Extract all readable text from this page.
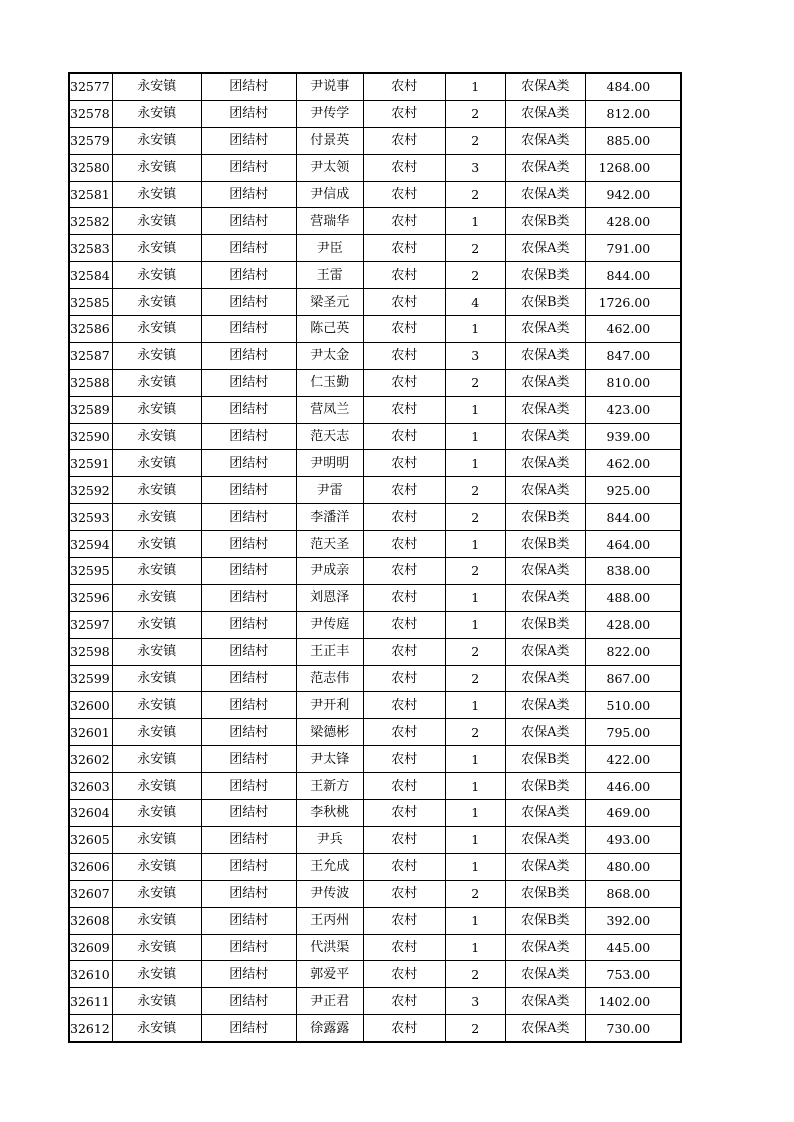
32577	永安镇	团结村	尹说事	农村	1	农保A类	484.00
32578	永安镇	团结村	尹传学	农村	2	农保A类	812.00
32579	永安镇	团结村	付景英	农村	2	农保A类	885.00
32580	永安镇	团结村	尹太领	农村	3	农保A类	1268.00
32581	永安镇	团结村	尹信成	农村	2	农保A类	942.00
32582	永安镇	团结村	营瑞华	农村	1	农保B类	428.00
32583	永安镇	团结村	尹臣	农村	2	农保A类	791.00
32584	永安镇	团结村	王雷	农村	2	农保B类	844.00
32585	永安镇	团结村	梁圣元	农村	4	农保B类	1726.00
32586	永安镇	团结村	陈己英	农村	1	农保A类	462.00
32587	永安镇	团结村	尹太金	农村	3	农保A类	847.00
32588	永安镇	团结村	仁玉勤	农村	2	农保A类	810.00
32589	永安镇	团结村	营凤兰	农村	1	农保A类	423.00
32590	永安镇	团结村	范天志	农村	1	农保A类	939.00
32591	永安镇	团结村	尹明明	农村	1	农保A类	462.00
32592	永安镇	团结村	尹雷	农村	2	农保A类	925.00
32593	永安镇	团结村	李潘洋	农村	2	农保B类	844.00
32594	永安镇	团结村	范天圣	农村	1	农保B类	464.00
32595	永安镇	团结村	尹成亲	农村	2	农保A类	838.00
32596	永安镇	团结村	刘恩泽	农村	1	农保A类	488.00
32597	永安镇	团结村	尹传庭	农村	1	农保B类	428.00
32598	永安镇	团结村	王正丰	农村	2	农保A类	822.00
32599	永安镇	团结村	范志伟	农村	2	农保A类	867.00
32600	永安镇	团结村	尹开利	农村	1	农保A类	510.00
32601	永安镇	团结村	梁德彬	农村	2	农保A类	795.00
32602	永安镇	团结村	尹太锋	农村	1	农保B类	422.00
32603	永安镇	团结村	王新方	农村	1	农保B类	446.00
32604	永安镇	团结村	李秋桃	农村	1	农保A类	469.00
32605	永安镇	团结村	尹兵	农村	1	农保A类	493.00
32606	永安镇	团结村	王允成	农村	1	农保A类	480.00
32607	永安镇	团结村	尹传波	农村	2	农保B类	868.00
32608	永安镇	团结村	王丙州	农村	1	农保B类	392.00
32609	永安镇	团结村	代洪渠	农村	1	农保A类	445.00
32610	永安镇	团结村	郭爱平	农村	2	农保A类	753.00
32611	永安镇	团结村	尹正君	农村	3	农保A类	1402.00
32612	永安镇	团结村	徐露露	农村	2	农保A类	730.00
